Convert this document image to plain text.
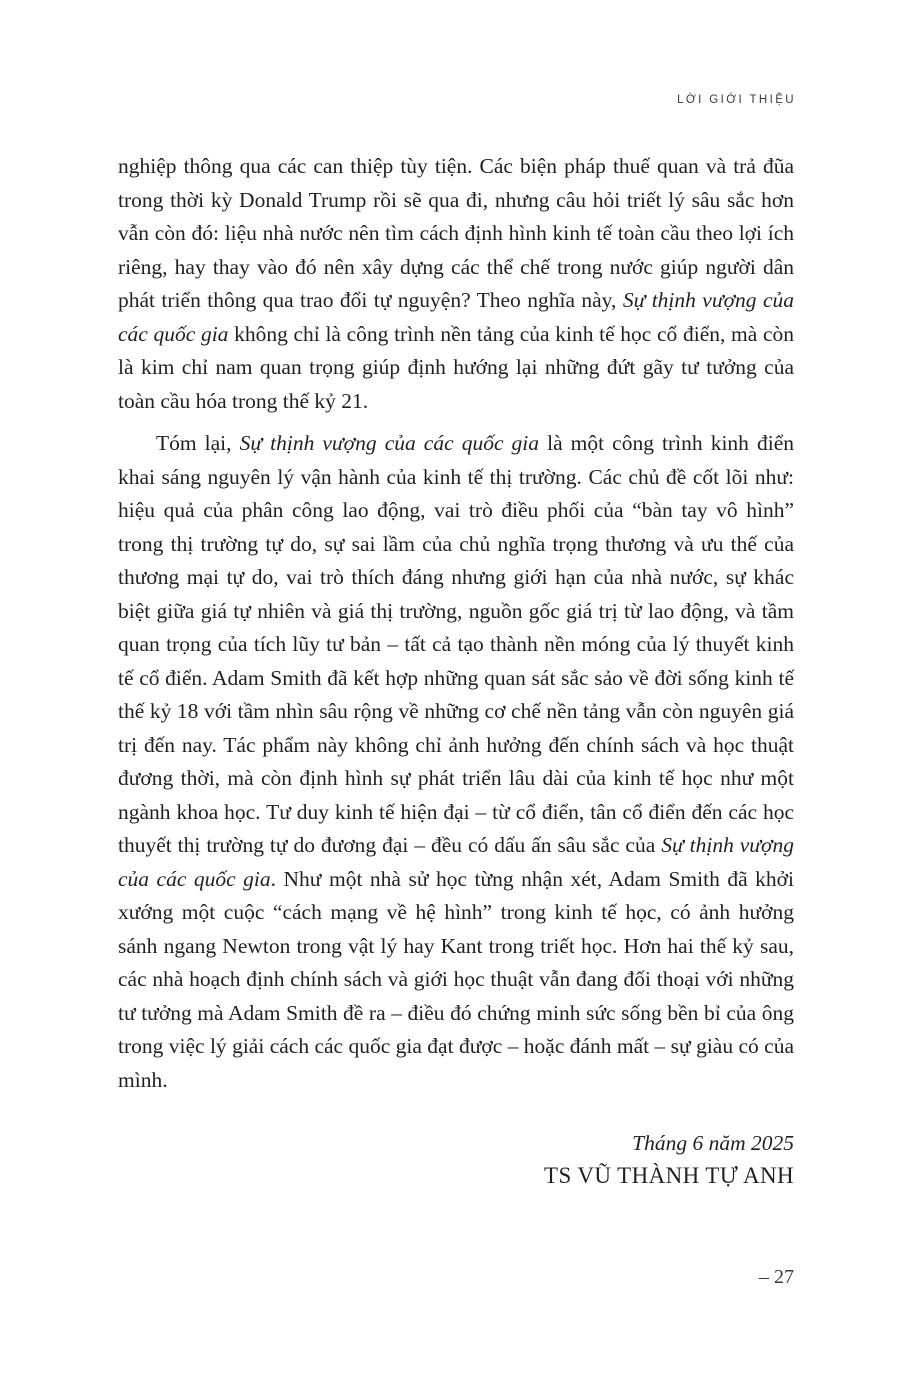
LỜI GIỚI THIỆU

nghiệp thông qua các can thiệp tùy tiện. Các biện pháp thuế quan và trả đũa trong thời kỳ Donald Trump rồi sẽ qua đi, nhưng câu hỏi triết lý sâu sắc hơn vẫn còn đó: liệu nhà nước nên tìm cách định hình kinh tế toàn cầu theo lợi ích riêng, hay thay vào đó nên xây dựng các thể chế trong nước giúp người dân phát triển thông qua trao đổi tự nguyện? Theo nghĩa này, Sự thịnh vượng của các quốc gia không chỉ là công trình nền tảng của kinh tế học cổ điển, mà còn là kim chỉ nam quan trọng giúp định hướng lại những đứt gãy tư tưởng của toàn cầu hóa trong thế kỷ 21.

Tóm lại, Sự thịnh vượng của các quốc gia là một công trình kinh điển khai sáng nguyên lý vận hành của kinh tế thị trường. Các chủ đề cốt lõi như: hiệu quả của phân công lao động, vai trò điều phối của “bàn tay vô hình” trong thị trường tự do, sự sai lầm của chủ nghĩa trọng thương và ưu thế của thương mại tự do, vai trò thích đáng nhưng giới hạn của nhà nước, sự khác biệt giữa giá tự nhiên và giá thị trường, nguồn gốc giá trị từ lao động, và tầm quan trọng của tích lũy tư bản – tất cả tạo thành nền móng của lý thuyết kinh tế cổ điển. Adam Smith đã kết hợp những quan sát sắc sảo về đời sống kinh tế thế kỷ 18 với tầm nhìn sâu rộng về những cơ chế nền tảng vẫn còn nguyên giá trị đến nay. Tác phẩm này không chỉ ảnh hưởng đến chính sách và học thuật đương thời, mà còn định hình sự phát triển lâu dài của kinh tế học như một ngành khoa học. Tư duy kinh tế hiện đại – từ cổ điển, tân cổ điển đến các học thuyết thị trường tự do đương đại – đều có dấu ấn sâu sắc của Sự thịnh vượng của các quốc gia. Như một nhà sử học từng nhận xét, Adam Smith đã khởi xướng một cuộc “cách mạng về hệ hình” trong kinh tế học, có ảnh hưởng sánh ngang Newton trong vật lý hay Kant trong triết học. Hơn hai thế kỷ sau, các nhà hoạch định chính sách và giới học thuật vẫn đang đối thoại với những tư tưởng mà Adam Smith đề ra – điều đó chứng minh sức sống bền bỉ của ông trong việc lý giải cách các quốc gia đạt được – hoặc đánh mất – sự giàu có của mình.

Tháng 6 năm 2025
TS VŨ THÀNH TỰ ANH
– 27
